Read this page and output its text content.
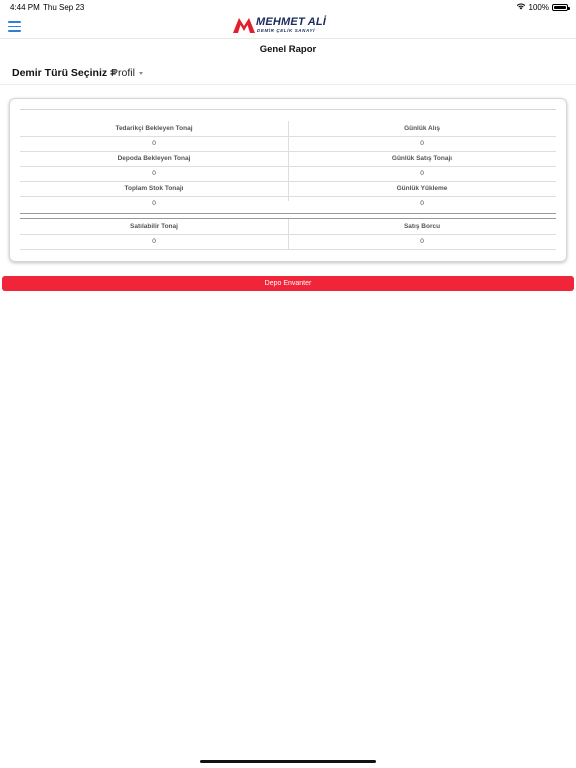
4:44 PM Thu Sep 23	100%
MEHMET ALİ
DEMİR ÇELİK SANAYİ
Genel Rapor
Demir Türü Seçiniz =
Profil
Tedarikçi Bekleyen Tonaj	Günlük Alış
0	0
Depoda Bekleyen Tonaj	Günlük Satış Tonajı
0	0
Toplam Stok Tonajı	Günlük Yükleme
0	0
Satılabilir Tonaj	Satış Borcu
0	0
Depo Envanter
